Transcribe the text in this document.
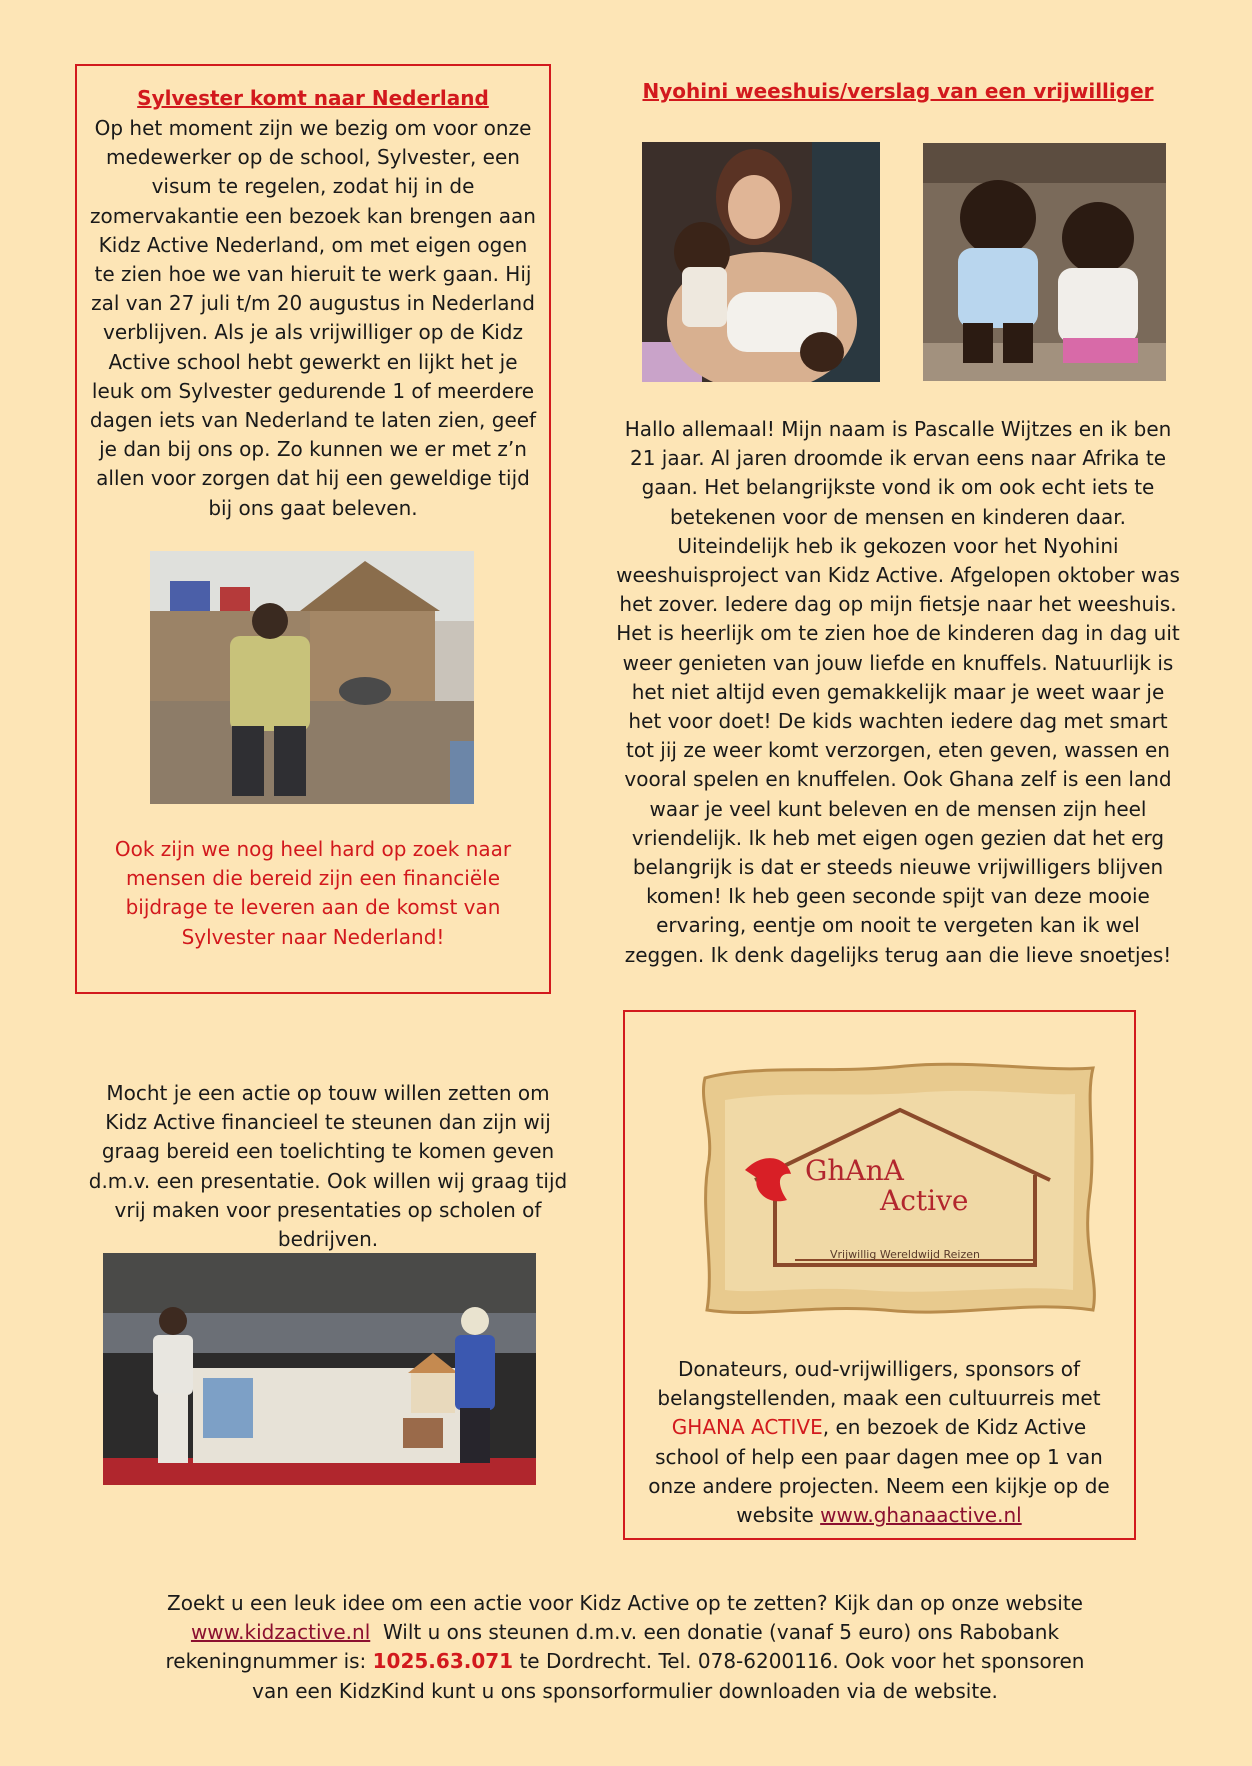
Sylvester komt naar Nederland
Op het moment zijn we bezig om voor onze medewerker op de school, Sylvester, een visum te regelen, zodat hij in de zomervakantie een bezoek kan brengen aan Kidz Active Nederland, om met eigen ogen te zien hoe we van hieruit te werk gaan. Hij zal van 27 juli t/m 20 augustus in Nederland verblijven. Als je als vrijwilliger op de Kidz Active school hebt gewerkt en lijkt het je leuk om Sylvester gedurende 1 of meerdere dagen iets van Nederland te laten zien, geef je dan bij ons op. Zo kunnen we er met z’n allen voor zorgen dat hij een geweldige tijd bij ons gaat beleven.
Ook zijn we nog heel hard op zoek naar mensen die bereid zijn een financiële bijdrage te leveren aan de komst van Sylvester naar Nederland!
Nyohini weeshuis/verslag van een vrijwilliger
Hallo allemaal! Mijn naam is Pascalle Wijtzes en ik ben 21 jaar. Al jaren droomde ik ervan eens naar Afrika te gaan. Het belangrijkste vond ik om ook echt iets te betekenen voor de mensen en kinderen daar. Uiteindelijk heb ik gekozen voor het Nyohini weeshuisproject van Kidz Active. Afgelopen oktober was het zover. Iedere dag op mijn fietsje naar het weeshuis. Het is heerlijk om te zien hoe de kinderen dag in dag uit weer genieten van jouw liefde en knuffels. Natuurlijk is het niet altijd even gemakkelijk maar je weet waar je het voor doet! De kids wachten iedere dag met smart tot jij ze weer komt verzorgen, eten geven, wassen en vooral spelen en knuffelen. Ook Ghana zelf is een land waar je veel kunt beleven en de mensen zijn heel vriendelijk. Ik heb met eigen ogen gezien dat het erg belangrijk is dat er steeds nieuwe vrijwilligers blijven komen! Ik heb geen seconde spijt van deze mooie ervaring, eentje om nooit te vergeten kan ik wel zeggen. Ik denk dagelijks terug aan die lieve snoetjes!
Mocht je een actie op touw willen zetten om Kidz Active financieel te steunen dan zijn wij graag bereid een toelichting te komen geven d.m.v. een presentatie. Ook willen wij graag tijd vrij maken voor presentaties op scholen of bedrijven.
GhAnA
Active
Vrijwillig Wereldwijd Reizen
Donateurs, oud-vrijwilligers, sponsors of belangstellenden, maak een cultuurreis met GHANA ACTIVE, en bezoek de Kidz Active school of help een paar dagen mee op 1 van onze andere projecten. Neem een kijkje op de website www.ghanaactive.nl
Zoekt u een leuk idee om een actie voor Kidz Active op te zetten? Kijk dan op onze website www.kidzactive.nl Wilt u ons steunen d.m.v. een donatie (vanaf 5 euro) ons Rabobank rekeningnummer is: 1025.63.071 te Dordrecht. Tel. 078-6200116. Ook voor het sponsoren van een KidzKind kunt u ons sponsorformulier downloaden via de website.
